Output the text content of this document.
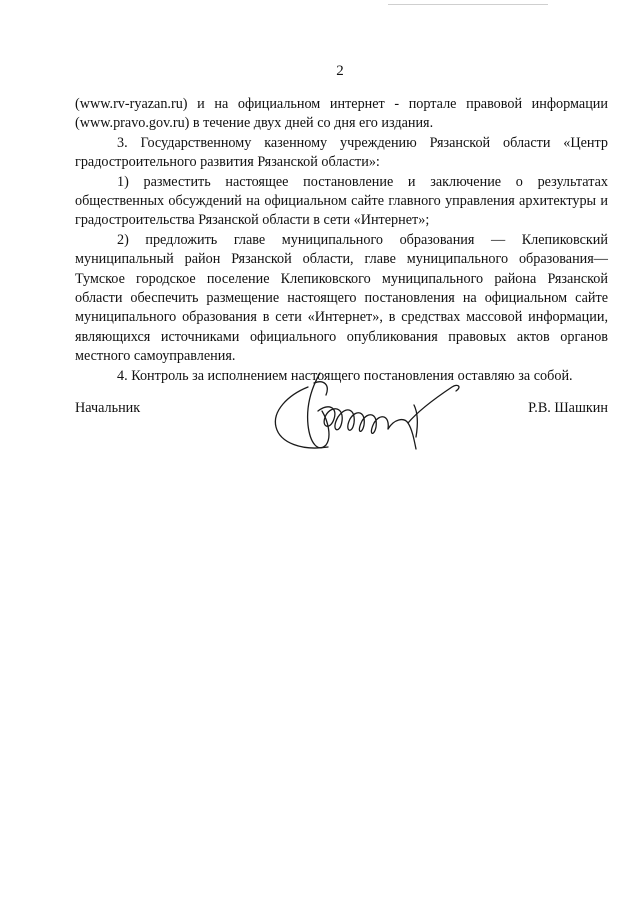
2

(www.rv-ryazan.ru) и на официальном интернет - портале правовой информации (www.pravo.gov.ru) в течение двух дней со дня его издания.

3. Государственному казенному учреждению Рязанской области «Центр градостроительного развития Рязанской области»:

1) разместить настоящее постановление и заключение о результатах общественных обсуждений на официальном сайте главного управления архитектуры и градостроительства Рязанской области в сети «Интернет»;

2) предложить главе муниципального образования — Клепиковский муниципальный район Рязанской области, главе муниципального образования— Тумское городское поселение Клепиковского муниципального района Рязанской области обеспечить размещение настоящего постановления на официальном сайте муниципального образования в сети «Интернет», в средствах массовой информации, являющихся источниками официального опубликования правовых актов органов местного самоуправления.

4. Контроль за исполнением настоящего постановления оставляю за собой.

Начальник	Р.В. Шашкин
